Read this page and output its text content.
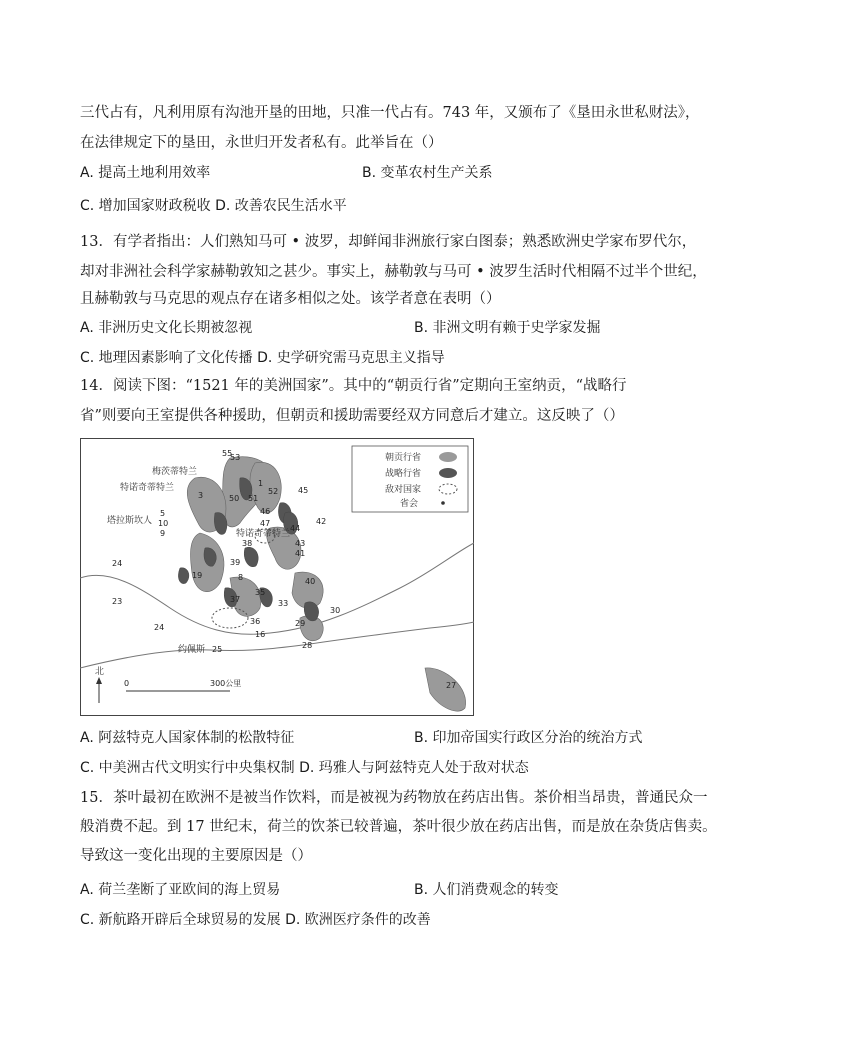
三代占有，凡利用原有沟池开垦的田地，只准一代占有。743 年，又颁布了《垦田永世私财法》，
在法律规定下的垦田，永世归开发者私有。此举旨在（）
A. 提高土地利用效率	B. 变革农村生产关系
C. 增加国家财政税收 D. 改善农民生活水平
13．有学者指出：人们熟知马可 • 波罗，却鲜闻非洲旅行家白图泰；熟悉欧洲史学家布罗代尔，
却对非洲社会科学家赫勒敦知之甚少。事实上，赫勒敦与马可 • 波罗生活时代相隔不过半个世纪，
且赫勒敦与马克思的观点存在诸多相似之处。该学者意在表明（）
A. 非洲历史文化长期被忽视	B. 非洲文明有赖于史学家发掘
C. 地理因素影响了文化传播 D. 史学研究需马克思主义指导
14．阅读下图：“1521 年的美洲国家”。其中的“朝贡行省”定期向王室纳贡，“战略行
省”则要向王室提供各种援助，但朝贡和援助需要经双方同意后才建立。这反映了（）
朝贡行省
战略行省
敌对国家
省会
梅茨蒂特兰
特诺奇蒂特兰
塔拉斯坎人
特诺奇蒂特兰
约佩斯
55
53
1
50 51
52 45
3
46
47	42
44
5
10
9
43
41
38
39
19
24
23
8	40
33
35
30
37
36
16
29
28
25
24
27
北
0	300公里
A. 阿兹特克人国家体制的松散特征	B. 印加帝国实行政区分治的统治方式
C. 中美洲古代文明实行中央集权制 D. 玛雅人与阿兹特克人处于敌对状态
15．茶叶最初在欧洲不是被当作饮料，而是被视为药物放在药店出售。茶价相当昂贵，普通民众一
般消费不起。到 17 世纪末，荷兰的饮茶已较普遍，茶叶很少放在药店出售，而是放在杂货店售卖。
导致这一变化出现的主要原因是（）
A. 荷兰垄断了亚欧间的海上贸易	B. 人们消费观念的转变
C. 新航路开辟后全球贸易的发展 D. 欧洲医疗条件的改善
